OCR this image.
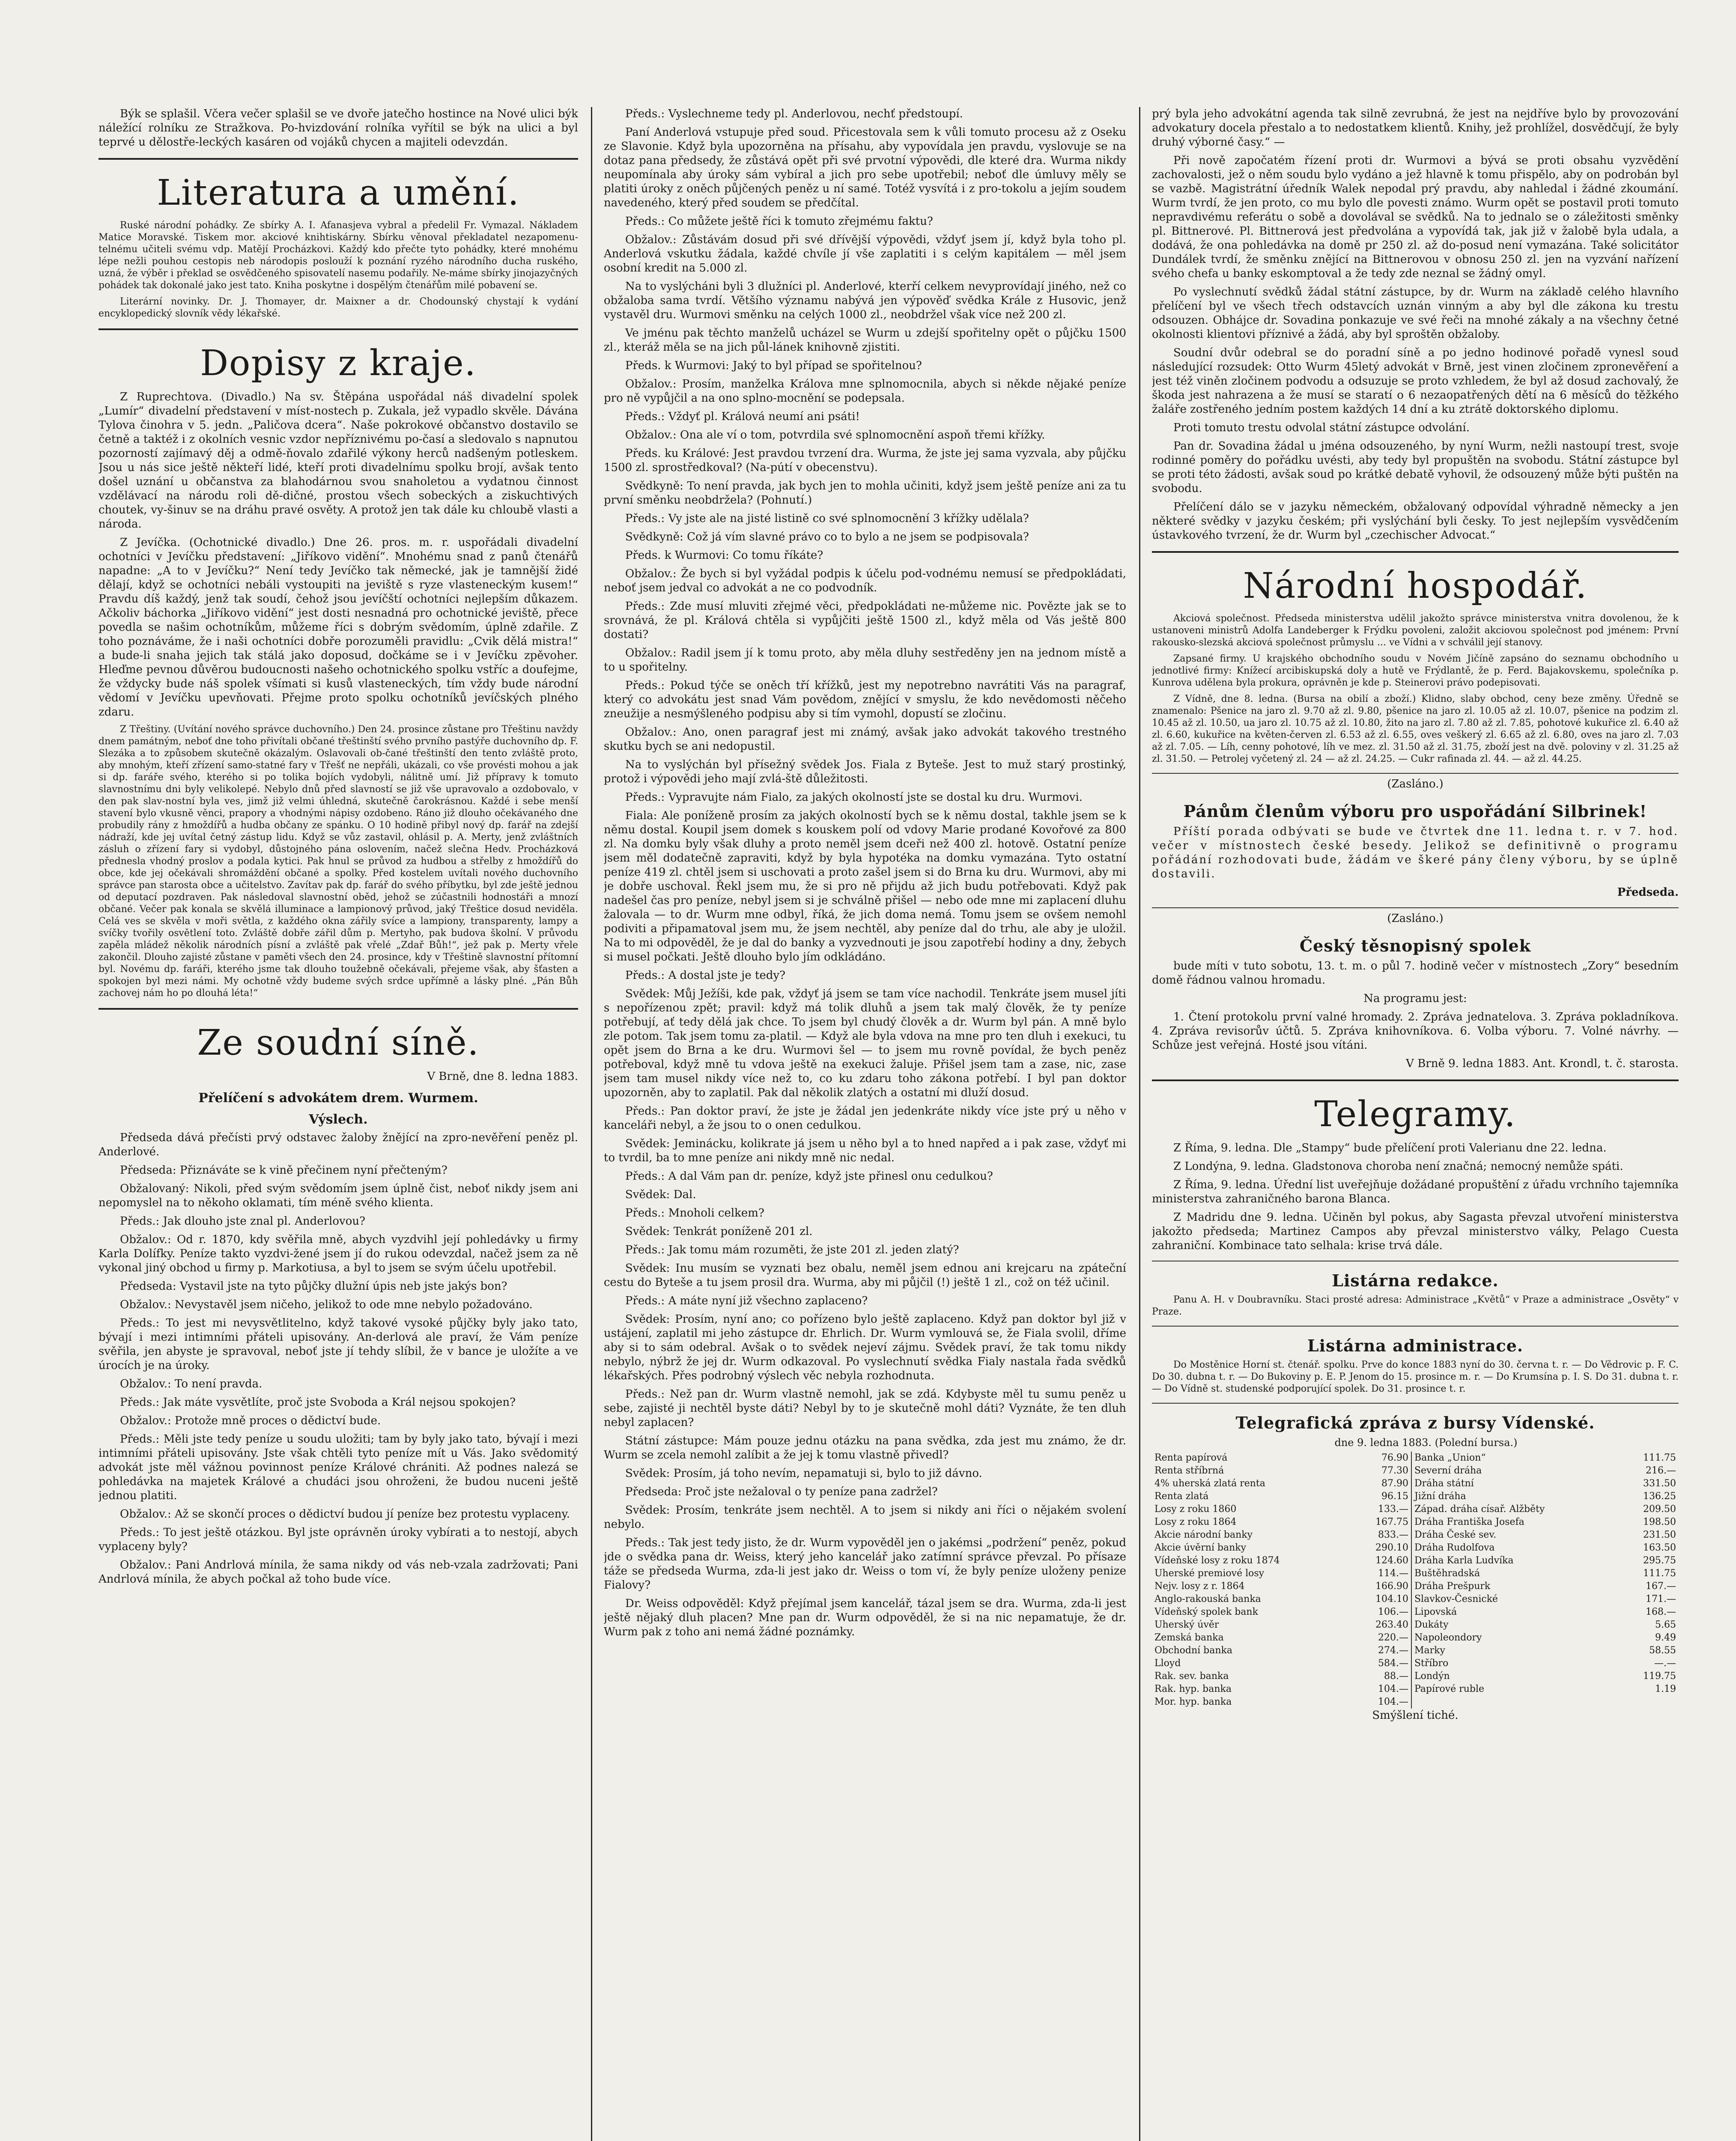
Býk se splašil. Včera večer splašil se ve dvoře jatečho hostince na Nové ulici býk náležící rolníku ze Stražkova. Po-hvizdování rolníka vyřítil se býk na ulici a byl teprvé u dělostře-leckých kasáren od vojáků chycen a majiteli odevzdán.

Literatura a umění.

Ruské národní pohádky. Ze sbírky A. I. Afanasjeva vybral a předelil Fr. Vymazal. Nákladem Matice Moravské. Tiskem mor. akciové knihtiskárny. Sbírku věnoval překladatel nezapomenu-telnému učiteli svému vdp. Matějí Procházkovi. Každý kdo přečte tyto pohádky, které mnohému lépe nežli pouhou cestopis neb národopis poslouží k poznání ryzého národního ducha ruského, uzná, že výběr i překlad se osvědčeného spisovatelí nasemu podařily. Ne-máme sbírky jinojazyčných pohádek tak dokonalé jako jest tato. Kniha poskytne i dospělým čtenářům milé pobavení se.

Literární novinky. Dr. J. Thomayer, dr. Maixner a dr. Chodounský chystají k vydání encyklopedický slovník vědy lékařské.

Dopisy z kraje.

Z Ruprechtova. (Divadlo.) Na sv. Štěpána uspořádal náš divadelní spolek „Lumír“ divadelní představení v míst-nostech p. Zukala, jež vypadlo skvěle. Dávána Tylova činohra v 5. jedn. „Paličova dcera“. Naše pokrokové občanstvo dostavilo se četně a taktéž i z okolních vesnic vzdor nepříznivému po-časí a sledovalo s napnutou pozorností zajímavý děj a odmě-ňovalo zdařilé výkony herců nadšeným potleskem. Jsou u nás sice ještě někteří lidé, kteří proti divadelnímu spolku brojí, avšak tento došel uznání u občanstva za blahodárnou svou snaholetou a vydatnou činnost vzdělávací na národu roli dě-dičné, prostou všech sobeckých a ziskuchtivých choutek, vy-šinuv se na dráhu pravé osvěty. A protož jen tak dále ku chloubě vlasti a národa.

Z Jevíčka. (Ochotnické divadlo.) Dne 26. pros. m. r. uspořádali divadelní ochotníci v Jevíčku představení: „Jiříkovo vidění“. Mnohému snad z panů čtenářů napadne: „A to v Jevíčku?“ Není tedy Jevíčko tak německé, jak je tamnější židé dělají, když se ochotníci nebáli vystoupiti na jeviště s ryze vlasteneckým kusem!“ Pravdu díš každý, jenž tak soudí, čehož jsou jevíčští ochotníci nejlepším důkazem. Ačkoliv báchorka „Jiříkovo vidění“ jest dosti nesnadná pro ochotnické jeviště, přece povedla se našim ochotníkům, můžeme říci s dobrým svědomím, úplně zdařile. Z toho poznáváme, že i naši ochotníci dobře porozuměli pravidlu: „Cvik dělá mistra!“ a bude-li snaha jejich tak stálá jako doposud, dočkáme se i v Jevíčku zpěvoher. Hleďme pevnou důvěrou budoucnosti našeho ochotnického spolku vstříc a doufejme, že vždycky bude náš spolek všímati si kusů vlasteneckých, tím vždy bude národní vědomí v Jevíčku upevňovati. Přejme proto spolku ochotníků jevíčských plného zdaru.

Z Třeštiny. (Uvítání nového správce duchovního.) Den 24. prosince zůstane pro Třeštinu navždy dnem památným, neboť dne toho přivítali občané třeštinští svého prvního pastýře duchovního dp. F. Slezáka a to způsobem skutečně okázalým. Oslavovali ob-čané třeštinští den tento zvláště proto, aby mnohým, kteří zřízení samo-statné fary v Třešť ne nepřáli, ukázali, co vše provésti mohou a jak si dp. faráře svého, kterého si po tolika bojích vydobyli, nálitně umí. Již přípravy k tomuto slavnostnímu dni byly velikolepé. Nebylo dnů před slavností se již vše upravovalo a ozdobovalo, v den pak slav-nostní byla ves, jimž již velmi úhledná, skutečně čarokrásnou. Každé i sebe menší stavení bylo vkusně věnci, prapory a vhodnými nápisy ozdobeno. Ráno již dlouho očekávaného dne probudily rány z hmoždířů a hudba občany ze spánku. O 10 hodině přibyl nový dp. farář na zdejší nádraží, kde jej uvítal četný zástup lidu. Když se vůz zastavil, ohlásil p. A. Merty, jenž zvláštních zásluh o zřízení fary si vydobyl, důstojného pána oslovením, načež slečna Hedv. Procházková přednesla vhodný proslov a podala kytici. Pak hnul se průvod za hudbou a střelby z hmoždířů do obce, kde jej očekávali shromáždění občané a spolky. Před kostelem uvítali nového duchovního správce pan starosta obce a učitelstvo. Zavítav pak dp. farář do svého příbytku, byl zde ještě jednou od deputací pozdraven. Pak následoval slavnostní oběd, jehož se zúčastnili hodnostáři a mnozí občané. Večer pak konala se skvělá illuminace a lampionový průvod, jaký Třeštice dosud neviděla. Celá ves se skvěla v moři světla, z každého okna zářily svíce a lampiony, transparenty, lampy a svíčky tvořily osvětlení toto. Zvláště dobře zářil dům p. Mertyho, pak budova školní. V průvodu zapěla mládež několik národních písní a zvláště pak vřelé „Zdař Bůh!“, jež pak p. Merty vřele zakončil. Dlouho zajisté zůstane v paměti všech den 24. prosince, kdy v Třeštině slavnostní přítomní byl. Novému dp. faráři, kterého jsme tak dlouho toužebně očekávali, přejeme však, aby šťasten a spokojen byl mezi námi. My ochotně vždy budeme svých srdce upřímně a lásky plné. „Pán Bůh zachovej nám ho po dlouhá léta!“

Ze soudní síně.

V Brně, dne 8. ledna 1883.

Přelíčení s advokátem drem. Wurmem.
Výslech.

Předseda dává přečísti prvý odstavec žaloby žnějící na zpro-nevěření peněz pl. Anderlové.

Předseda: Přiznáváte se k vině přečinem nyní přečteným?

Obžalovaný: Nikoli, před svým svědomím jsem úplně čist, neboť nikdy jsem ani nepomyslel na to někoho oklamati, tím méně svého klienta.

Předs.: Jak dlouho jste znal pl. Anderlovou?

Obžalov.: Od r. 1870, kdy svěřila mně, abych vyzdvihl její pohledávky u firmy Karla Dolífky. Peníze takto vyzdvi-žené jsem jí do rukou odevzdal, načež jsem za ně vykonal jiný obchod u firmy p. Markotiusa, a byl to jsem se svým účelu upotřebil.

Předseda: Vystavil jste na tyto půjčky dlužní úpis neb jste jakýs bon?

Obžalov.: Nevystavěl jsem ničeho, jelikož to ode mne nebylo požadováno.

Předs.: To jest mi nevysvětlitelno, když takové vysoké půjčky byly jako tato, bývají i mezi intimními přáteli upisovány. An-derlová ale praví, že Vám peníze svěřila, jen abyste je spravoval, neboť jste jí tehdy slíbil, že v bance je uložíte a ve úrocích je na úroky.

Obžalov.: To není pravda.

Předs.: Jak máte vysvětlíte, proč jste Svoboda a Král nejsou spokojen?

Obžalov.: Protože mně proces o dědictví bude.

Předs.: Měli jste tedy peníze u soudu uložiti; tam by byly jako tato, bývají i mezi intimními přáteli upisovány. Jste však chtěli tyto peníze mít u Vás. Jako svědomitý advokát jste měl vážnou povinnost peníze Králové chrániti. Až podnes nalezá se pohledávka na majetek Králové a chudáci jsou ohroženi, že budou nuceni ještě jednou platiti.

Obžalov.: Až se skončí proces o dědictví budou jí peníze bez protestu vyplaceny.

Předs.: To jest ještě otázkou. Byl jste oprávněn úroky vybírati a to nestojí, abych vyplaceny byly?

Obžalov.: Pani Andrlová mínila, že sama nikdy od vás neb-vzala zadržovati; Pani Andrlová mínila, že abych počkal až toho bude více.

Předs.: Vyslechneme tedy pl. Anderlovou, nechť předstoupí.

Paní Anderlová vstupuje před soud. Přicestovala sem k vůli tomuto procesu až z Oseku ze Slavonie. Když byla upozorněna na přísahu, aby vypovídala jen pravdu, vyslovuje se na dotaz pana předsedy, že zůstává opět při své prvotní výpovědi, dle které dra. Wurma nikdy neupomínala aby úroky sám vybíral a jich pro sebe upotřebil; neboť dle úmluvy měly se platiti úroky z oněch půjčených peněz u ní samé. Totéž vysvítá i z pro-tokolu a jejím soudem navedeného, který před soudem se předčítal.

Předs.: Co můžete ještě říci k tomuto zřejmému faktu?

Obžalov.: Zůstávám dosud při své dřívější výpovědi, vždyť jsem jí, když byla toho pl. Anderlová vskutku žádala, každé chvíle jí vše zaplatiti i s celým kapitálem — měl jsem osobní kredit na 5.000 zl.

Na to vyslýcháni byli 3 dlužníci pl. Anderlové, kterří celkem nevyprovídají jiného, než co obžaloba sama tvrdí. Většího významu nabývá jen výpověď svědka Krále z Husovic, jenž vystavěl dru. Wurmovi směnku na celých 1000 zl., neobdržel však více než 200 zl.

Ve jménu pak těchto manželů ucházel se Wurm u zdejší spořitelny opět o půjčku 1500 zl., kteráž měla se na jich půl-lánek knihovně zjistiti.

Předs. k Wurmovi: Jaký to byl případ se spořitelnou?

Obžalov.: Prosím, manželka Králova mne splnomocnila, abych si někde nějaké peníze pro ně vypůjčil a na ono splno-mocnění se podepsala.

Předs.: Vždyť pl. Králová neumí ani psáti!

Obžalov.: Ona ale ví o tom, potvrdila své splnomocnění aspoň třemi křížky.

Předs. ku Králové: Jest pravdou tvrzení dra. Wurma, že jste jej sama vyzvala, aby půjčku 1500 zl. sprostředkoval? (Na-pútí v obecenstvu).

Svědkyně: To není pravda, jak bych jen to mohla učiniti, když jsem ještě peníze ani za tu první směnku neobdržela? (Pohnutí.)

Předs.: Vy jste ale na jisté listině co své splnomocnění 3 křížky udělala?

Svědkyně: Což já vím slavné právo co to bylo a ne jsem se podpisovala?

Předs. k Wurmovi: Co tomu říkáte?

Obžalov.: Že bych si byl vyžádal podpis k účelu pod-vodnému nemusí se předpokládati, neboť jsem jedval co advokát a ne co podvodník.

Předs.: Zde musí mluviti zřejmé věci, předpokládati ne-můžeme nic. Povězte jak se to srovnává, že pl. Králová chtěla si vypůjčiti ještě 1500 zl., když měla od Vás ještě 800 dostati?

Obžalov.: Radil jsem jí k tomu proto, aby měla dluhy sestředěny jen na jednom místě a to u spořitelny.

Předs.: Pokud týče se oněch tří křížků, jest my nepotrebno navrátiti Vás na paragraf, který co advokátu jest snad Vám povědom, znějící v smyslu, že kdo nevědomosti něčeho zneužije a nesmýšleného podpisu aby si tím vymohl, dopustí se zločinu.

Obžalov.: Ano, onen paragraf jest mi známý, avšak jako advokát takového trestného skutku bych se ani nedopustil.

Na to vyslýchán byl přísežný svědek Jos. Fiala z Byteše. Jest to muž starý prostinký, protož i výpovědi jeho mají zvlá-ště důležitosti.

Předs.: Vypravujte nám Fialo, za jakých okolností jste se dostal ku dru. Wurmovi.

Fiala: Ale poníženě prosím za jakých okolností bych se k němu dostal, takhle jsem se k němu dostal. Koupil jsem domek s kouskem polí od vdovy Marie prodané Kovořové za 800 zl. Na domku byly však dluhy a proto neměl jsem dceři než 400 zl. hotově. Ostatní peníze jsem měl dodatečně zapraviti, když by byla hypotéka na domku vymazána. Tyto ostatní peníze 419 zl. chtěl jsem si uschovati a proto zašel jsem si do Brna ku dru. Wurmovi, aby mi je dobře uschoval. Řekl jsem mu, že si pro ně přijdu až jich budu potřebovati. Když pak nadešel čas pro peníze, nebyl jsem si je schválně přišel — nebo ode mne mi zaplacení dluhu žalovala — to dr. Wurm mne odbyl, říká, že jich doma nemá. Tomu jsem se ovšem nemohl podiviti a připamatoval jsem mu, že jsem nechtěl, aby peníze dal do trhu, ale aby je uložil. Na to mi odpověděl, že je dal do banky a vyzvednouti je jsou zapotřebí hodiny a dny, žebych si musel počkati. Ještě dlouho bylo jím odkládáno.

Předs.: A dostal jste je tedy?

Svědek: Můj Ježíši, kde pak, vždyť já jsem se tam více nachodil. Tenkráte jsem musel jíti s nepořízenou zpět; pravil: když má tolik dluhů a jsem tak malý člověk, že ty peníze potřebují, ať tedy dělá jak chce. To jsem byl chudý člověk a dr. Wurm byl pán. A mně bylo zle potom. Tak jsem tomu za-platil. — Když ale byla vdova na mne pro ten dluh i exekuci, tu opět jsem do Brna a ke dru. Wurmovi šel — to jsem mu rovně povídal, že bych peněz potřeboval, když mně tu vdova ještě na exekuci žaluje. Přišel jsem tam a zase, nic, zase jsem tam musel nikdy více než to, co ku zdaru toho zákona potřebí. I byl pan doktor upozorněn, aby to zaplatil. Pak dal několik zlatých a ostatní mi dluží dosud.

Předs.: Pan doktor praví, že jste je žádal jen jedenkráte nikdy více jste prý u něho v kanceláři nebyl, a že jsou to o onen cedulkou.

Svědek: Jeminácku, kolikrate já jsem u něho byl a to hned napřed a i pak zase, vždyť mi to tvrdil, ba to mne peníze ani nikdy mně nic nedal.

Předs.: A dal Vám pan dr. peníze, když jste přinesl onu cedulkou?

Svědek: Dal.

Předs.: Mnoholi celkem?

Svědek: Tenkrát poníženě 201 zl.

Předs.: Jak tomu mám rozuměti, že jste 201 zl. jeden zlatý?

Svědek: Inu musím se vyznati bez obalu, neměl jsem ednou ani krejcaru na zpáteční cestu do Byteše a tu jsem prosil dra. Wurma, aby mi půjčil (!) ještě 1 zl., což on též učinil.

Předs.: A máte nyní již všechno zaplaceno?

Svědek: Prosím, nyní ano; co pořízeno bylo ještě zaplaceno. Když pan doktor byl již v ustájení, zaplatil mi jeho zástupce dr. Ehrlich. Dr. Wurm vymlouvá se, že Fiala svolil, dříme aby si to sám odebral. Avšak o to svědek nejeví zájmu. Svědek praví, že tak tomu nikdy nebylo, nýbrž že jej dr. Wurm odkazoval. Po vyslechnutí svědka Fialy nastala řada svědků lékařských. Přes podrobný výslech věc nebyla rozhodnuta.

Předs.: Než pan dr. Wurm vlastně nemohl, jak se zdá. Kdybyste měl tu sumu peněz u sebe, zajisté ji nechtěl byste dáti? Nebyl by to je skutečně mohl dáti? Vyznáte, že ten dluh nebyl zaplacen?

Státní zástupce: Mám pouze jednu otázku na pana svědka, zda jest mu známo, že dr. Wurm se zcela nemohl zalíbit a že jej k tomu vlastně přivedl?

Svědek: Prosím, já toho nevím, nepamatuji si, bylo to již dávno.

Předseda: Proč jste nežaloval o ty peníze pana zadržel?

Svědek: Prosím, tenkráte jsem nechtěl. A to jsem si nikdy ani říci o nějakém svolení nebylo.

Předs.: Tak jest tedy jisto, že dr. Wurm vypověděl jen o jakémsi „podržení“ peněz, pokud jde o svědka pana dr. Weiss, který jeho kancelář jako zatímní správce převzal. Po přísaze táže se předseda Wurma, zda-li jest jako dr. Weiss o tom ví, že byly peníze uloženy penize Fialovy?

Dr. Weiss odpověděl: Když přejímal jsem kancelář, tázal jsem se dra. Wurma, zda-li jest ještě nějaký dluh placen? Mne pan dr. Wurm odpověděl, že si na nic nepamatuje, že dr. Wurm pak z toho ani nemá žádné poznámky.

prý byla jeho advokátní agenda tak silně zevrubná, že jest na nejdříve bylo by provozování advokatury docela přestalo a to nedostatkem klientů. Knihy, jež prohlížel, dosvědčují, že byly druhý výborné časy.“ —

Při nově započatém řízení proti dr. Wurmovi a bývá se proti obsahu vyzvědění zachovalosti, jež o něm soudu bylo vydáno a jež hlavně k tomu přispělo, aby on podrobán byl se vazbě. Magistrátní úředník Walek nepodal prý pravdu, aby nahledal i žádné zkoumání. Wurm tvrdí, že jen proto, co mu bylo dle povesti známo. Wurm opět se postavil proti tomuto nepravdivému referátu o sobě a dovolával se svědků. Na to jednalo se o záležitosti směnky pl. Bittnerové. Pl. Bittnerová jest předvolána a vypovídá tak, jak již v žalobě byla udala, a dodává, že ona pohledávka na domě pr 250 zl. až do-posud není vymazána. Také solicitátor Dundálek tvrdí, že směnku znějící na Bittnerovou v obnosu 250 zl. jen na vyzvání nařízení svého chefa u banky eskomptoval a že tedy zde neznal se žádný omyl.

Po vyslechnutí svědků žádal státní zástupce, by dr. Wurm na základě celého hlavního přelíčení byl ve všech třech odstavcích uznán vinným a aby byl dle zákona ku trestu odsouzen. Obhájce dr. Sovadina ponkazuje ve své řeči na mnohé zákaly a na všechny četné okolnosti klientovi příznivé a žádá, aby byl sproštěn obžaloby.

Soudní dvůr odebral se do poradní síně a po jedno hodinové pořadě vynesl soud následující rozsudek: Otto Wurm 45letý advokát v Brně, jest vinen zločinem zpronevěření a jest též viněn zločinem podvodu a odsuzuje se proto vzhledem, že byl až dosud zachovalý, že škoda jest nahrazena a že musí se staratí o 6 nezaopatřených dětí na 6 měsíců do těžkého žaláře zostřeného jedním postem každých 14 dní a ku ztrátě doktorského diplomu.

Proti tomuto trestu odvolal státní zástupce odvolání.

Pan dr. Sovadina žádal u jména odsouzeného, by nyní Wurm, nežli nastoupí trest, svoje rodinné poměry do pořádku uvésti, aby tedy byl propuštěn na svobodu. Státní zástupce byl se proti této žádosti, avšak soud po krátké debatě vyhovil, že odsouzený může býti puštěn na svobodu.

Přelíčení dálo se v jazyku německém, obžalovaný odpovídal výhradně německy a jen některé svědky v jazyku českém; při vyslýchání byli česky. To jest nejlepším vysvědčením ústavkového tvrzení, že dr. Wurm byl „czechischer Advocat.“

Národní hospodář.

Akciová společnost. Předseda ministerstva udělil jakožto správce ministerstva vnitra dovolenou, že k ustanoveni ministrů Adolfa Landeberger k Frýdku povoleni, založit akciovou společnost pod jménem: První rakousko-slezská akciová společnost průmyslu ... ve Vídni a v schválil její stanovy.

Zapsané firmy. U krajského obchodního soudu v Novém Jičíně zapsáno do seznamu obchodního u jednotlivé firmy: Knížecí arcibiskupská doly a hutě ve Frýdlantě, že p. Ferd. Bajakovskemu, společníka p. Kunrova udělena byla prokura, oprávněn je kde p. Steinerovi právo podepisovati.

Z Vídně, dne 8. ledna. (Bursa na obilí a zboží.) Klidno, slaby obchod, ceny beze změny. Úředně se znamenalo: Pšenice na jaro zl. 9.70 až zl. 9.80, pšenice na jaro zl. 10.05 až zl. 10.07, pšenice na podzim zl. 10.45 až zl. 10.50, ua jaro zl. 10.75 až zl. 10.80, žito na jaro zl. 7.80 až zl. 7.85, pohotové kukuřice zl. 6.40 až zl. 6.60, kukuřice na květen-červen zl. 6.53 až zl. 6.55, oves veškerý zl. 6.65 až zl. 6.80, oves na jaro zl. 7.03 až zl. 7.05. — Líh, cenny pohotové, líh ve mez. zl. 31.50 až zl. 31.75, zboží jest na dvě. poloviny v zl. 31.25 až zl. 31.50. — Petrolej vyčetený zl. 24 — až zl. 24.25. — Cukr rafinada zl. 44. — až zl. 44.25.

(Zasláno.)

Pánům členům výboru pro uspořádání Silbrinek!

Příští porada odbývati se bude ve čtvrtek dne 11. ledna t. r. v 7. hod. večer v místnostech české besedy. Jelikož se definitivně o programu pořádání rozhodovati bude, žádám ve škeré pány členy výboru, by se úplně dostavili.

Předseda.

(Zasláno.)

Český těsnopisný spolek

bude míti v tuto sobotu, 13. t. m. o půl 7. hodině večer v místnostech „Zory“ besedním domě řádnou valnou hromadu.

Na programu jest:

1. Čtení protokolu první valné hromady. 2. Zpráva jednatelova. 3. Zpráva pokladníkova. 4. Zpráva revisorův účtů. 5. Zpráva knihovníkova. 6. Volba výboru. 7. Volné návrhy. — Schůze jest veřejná. Hosté jsou vítáni.

V Brně 9. ledna 1883. Ant. Krondl, t. č. starosta.

Telegramy.

Z Říma, 9. ledna. Dle „Stampy“ bude přelíčení proti Valerianu dne 22. ledna.

Z Londýna, 9. ledna. Gladstonova choroba není značná; nemocný nemůže spáti.

Z Říma, 9. ledna. Úřední list uveřejňuje dožádané propuštění z úřadu vrchního tajemníka ministerstva zahraničného barona Blanca.

Z Madridu dne 9. ledna. Učiněn byl pokus, aby Sagasta převzal utvoření ministerstva jakožto předseda; Martinez Campos aby převzal ministerstvo války, Pelago Cuesta zahraniční. Kombinace tato selhala: krise trvá dále.

Listárna redakce.

Panu A. H. v Doubravníku. Staci prosté adresa: Administrace „Květů“ v Praze a administrace „Osvěty“ v Praze.

Listárna administrace.

Do Mostěnice Horní st. čtenář. spolku. Prve do konce 1883 nyní do 30. června t. r. — Do Vědrovic p. F. C. Do 30. dubna t. r. — Do Bukoviny p. E. P. Jenom do 15. prosince m. r. — Do Krumsína p. I. S. Do 31. dubna t. r. — Do Vídně st. studenské podporující spolek. Do 31. prosince t. r.

Telegrafická zpráva z bursy Vídenské.

dne 9. ledna 1883. (Polední bursa.)

Renta papírová	76.90	Banka „Union“	111.75
Renta stříbrná	77.30	Severní dráha	216.—
4% uherská zlatá renta	87.90	Dráha státní	331.50
Renta zlatá	96.15	Jižní dráha	136.25
Losy z roku 1860	133.—	Západ. dráha císař. Alžběty	209.50
Losy z roku 1864	167.75	Dráha Františka Josefa	198.50
Akcie národní banky	833.—	Dráha České sev.	231.50
Akcie úvěrní banky	290.10	Dráha Rudolfova	163.50
Vídeňské losy z roku 1874	124.60	Dráha Karla Ludvíka	295.75
Uherské premiové losy	114.—	Buštěhradská	111.75
Nejv. losy z r. 1864	166.90	Dráha Prešpurk	167.—
Anglo-rakouská banka	104.10	Slavkov-Česnické	171.—
Vídeňský spolek bank	106.—	Lipovská	168.—
Uherský úvěr	263.40	Dukáty	5.65
Zemská banka	220.—	Napoleondory	9.49
Obchodní banka	274.—	Marky	58.55
Lloyd	584.—	Stříbro	—.—
Rak. sev. banka	88.—	Londýn	119.75
Rak. hyp. banka	104.—	Papírové ruble	1.19
Mor. hyp. banka	104.—		

Smýšlení tiché.
